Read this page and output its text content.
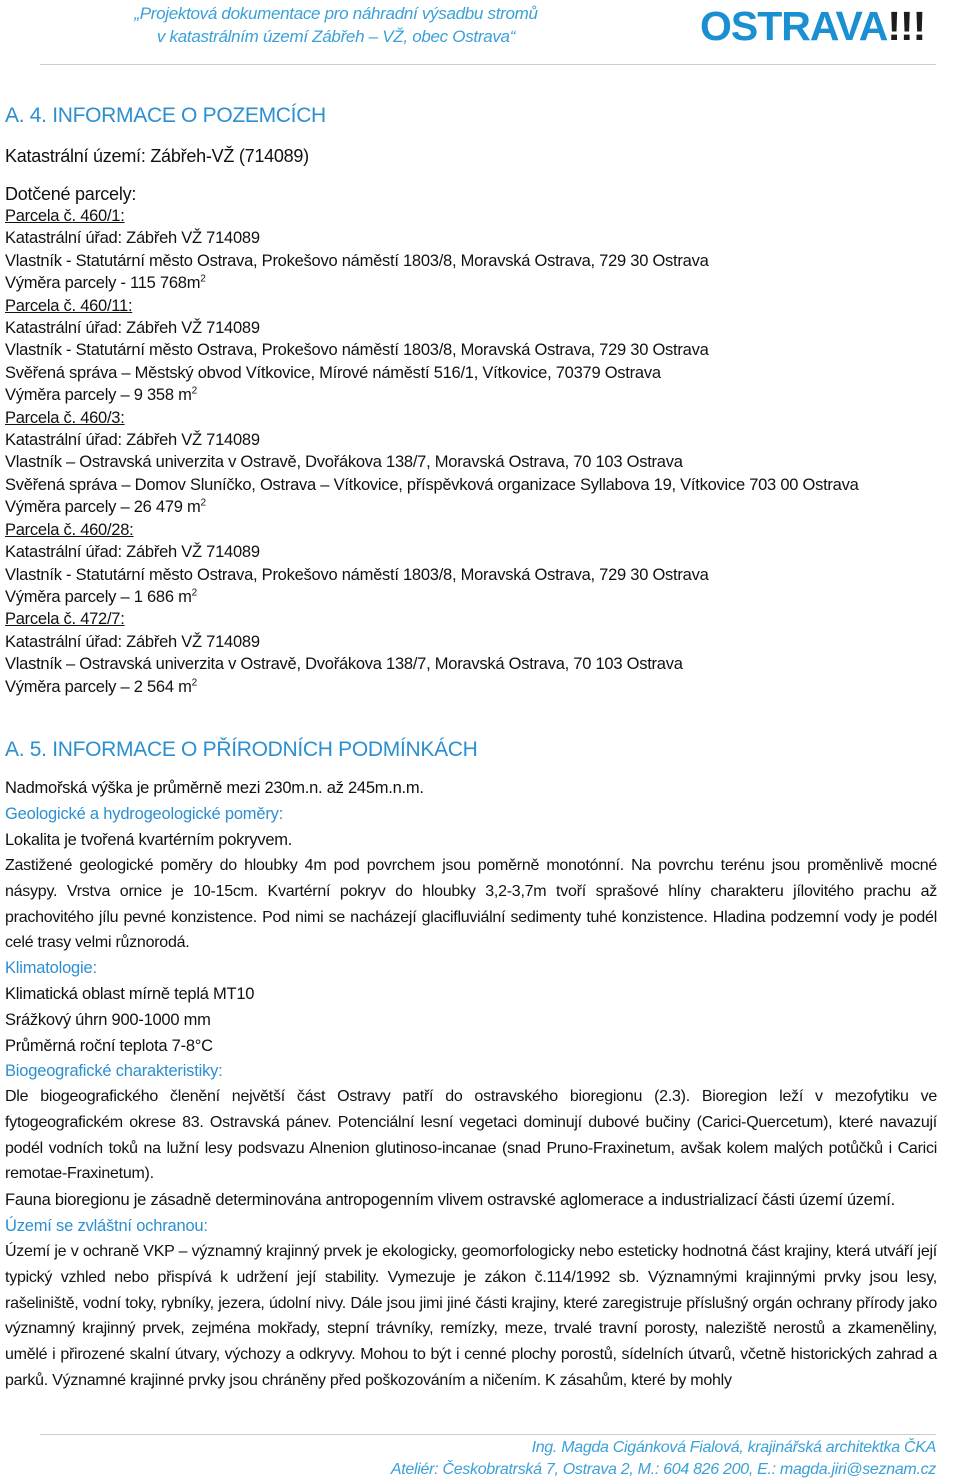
„Projektová dokumentace pro náhradní výsadbu stromů
v katastrálním území Zábřeh – VŽ, obec Ostrava“	OSTRAVA!!!
A. 4. INFORMACE O POZEMCÍCH
Katastrální území: Zábřeh-VŽ (714089)
Dotčené parcely:
Parcela č. 460/1:
Katastrální úřad: Zábřeh VŽ 714089
Vlastník - Statutární město Ostrava, Prokešovo náměstí 1803/8, Moravská Ostrava, 729 30 Ostrava
Výměra parcely - 115 $768m^2$
Parcela č. 460/11:
Katastrální úřad: Zábřeh VŽ 714089
Vlastník - Statutární město Ostrava, Prokešovo náměstí 1803/8, Moravská Ostrava, 729 30 Ostrava
Svěřená správa – Městský obvod Vítkovice, Mírové náměstí 516/1, Vítkovice, 70379 Ostrava
Výměra parcely – 9 358 $m^2$
Parcela č. 460/3:
Katastrální úřad: Zábřeh VŽ 714089
Vlastník – Ostravská univerzita v Ostravě, Dvořákova 138/7, Moravská Ostrava, 70 103 Ostrava
Svěřená správa – Domov Sluníčko, Ostrava – Vítkovice, příspěvková organizace Syllabova 19, Vítkovice 703 00 Ostrava
Výměra parcely – 26 479 $m^2$
Parcela č. 460/28:
Katastrální úřad: Zábřeh VŽ 714089
Vlastník - Statutární město Ostrava, Prokešovo náměstí 1803/8, Moravská Ostrava, 729 30 Ostrava
Výměra parcely – 1 686 $m^2$
Parcela č. 472/7:
Katastrální úřad: Zábřeh VŽ 714089
Vlastník – Ostravská univerzita v Ostravě, Dvořákova 138/7, Moravská Ostrava, 70 103 Ostrava
Výměra parcely – 2 564 $m^2$
A. 5. INFORMACE O PŘÍRODNÍCH PODMÍNKÁCH
Nadmořská výška je průměrně mezi 230m.n. až 245m.n.m.
Geologické a hydrogeologické poměry:
Lokalita je tvořená kvartérním pokryvem.
Zastižené geologické poměry do hloubky 4m pod povrchem jsou poměrně monotónní. Na povrchu terénu jsou proměnlivě mocné násypy. Vrstva ornice je 10-15cm. Kvartérní pokryv do hloubky 3,2-3,7m tvoří sprašové hlíny charakteru jílovitého prachu až prachovitého jílu pevné konzistence. Pod nimi se nacházejí glacifluviální sedimenty tuhé konzistence. Hladina podzemní vody je podél celé trasy velmi různorodá.
Klimatologie:
Klimatická oblast mírně teplá MT10
Srážkový úhrn 900-1000 mm
Průměrná roční teplota 7-8°C
Biogeografické charakteristiky:
Dle biogeografického členění největší část Ostravy patří do ostravského bioregionu (2.3). Bioregion leží v mezofytiku ve fytogeografickém okrese 83. Ostravská pánev. Potenciální lesní vegetaci dominují dubové bučiny (Carici-Quercetum), které navazují podél vodních toků na lužní lesy podsvazu Alnenion glutinoso-incanae (snad Pruno-Fraxinetum, avšak kolem malých potůčků i Carici remotae-Fraxinetum).
Fauna bioregionu je zásadně determinována antropogenním vlivem ostravské aglomerace a industrializací části území území.
Území se zvláštní ochranou:
Území je v ochraně VKP – významný krajinný prvek je ekologicky, geomorfologicky nebo esteticky hodnotná část krajiny, která utváří její typický vzhled nebo přispívá k udržení její stability. Vymezuje je zákon č.114/1992 sb. Významnými krajinnými prvky jsou lesy, rašeliniště, vodní toky, rybníky, jezera, údolní nivy. Dále jsou jimi jiné části krajiny, které zaregistruje příslušný orgán ochrany přírody jako významný krajinný prvek, zejména mokřady, stepní trávníky, remízky, meze, trvalé travní porosty, naleziště nerostů a zkameněliny, umělé i přirozené skalní útvary, výchozy a odkryvy. Mohou to být i cenné plochy porostů, sídelních útvarů, včetně historických zahrad a parků. Významné krajinné prvky jsou chráněny před poškozováním a ničením. K zásahům, které by mohly
Ing. Magda Cigánková Fialová, krajinářská architektka ČKA
Ateliér: Českobratrská 7, Ostrava 2, M.: 604 826 200, E.: magda.jiri@seznam.cz
